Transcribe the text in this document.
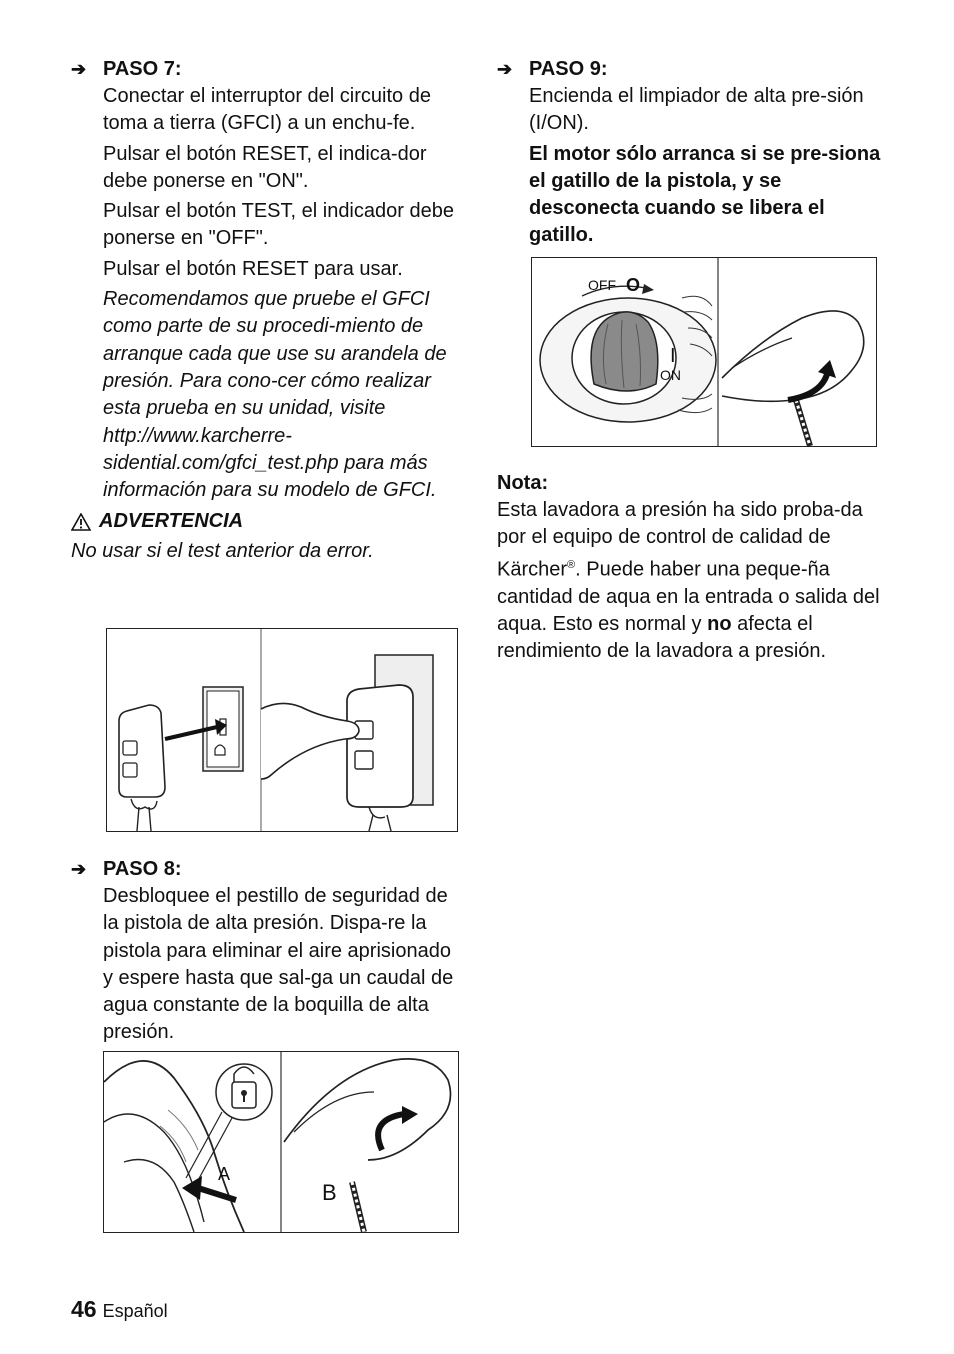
➔ PASO 7:

Conectar el interruptor del circuito de toma a tierra (GFCI) a un enchu-fe.

Pulsar el botón RESET, el indica-dor debe ponerse en "ON".

Pulsar el botón TEST, el indicador debe ponerse en "OFF".

Pulsar el botón RESET para usar.

Recomendamos que pruebe el GFCI como parte de su procedi-miento de arranque cada que use su arandela de presión. Para cono-cer cómo realizar esta prueba en su unidad, visite http://www.karcherre-sidential.com/gfci_test.php para más información para su modelo de GFCI.

ADVERTENCIA
No usar si el test anterior da error.
➔ PASO 8:

Desbloquee el pestillo de seguridad de la pistola de alta presión. Dispa-re la pistola para eliminar el aire aprisionado y espere hasta que sal-ga un caudal de agua constante de la boquilla de alta presión.

A
B
➔ PASO 9:

Encienda el limpiador de alta pre-sión (I/ON).

El motor sólo arranca si se pre-siona el gatillo de la pistola, y se desconecta cuando se libera el gatillo.

OFF O
I
ON
Nota:
Esta lavadora a presión ha sido proba-da por el equipo de control de calidad de Kärcher®. Puede haber una peque-ña cantidad de aqua en la entrada o salida del aqua. Esto es normal y no afecta el rendimiento de la lavadora a presión.
46 Español
